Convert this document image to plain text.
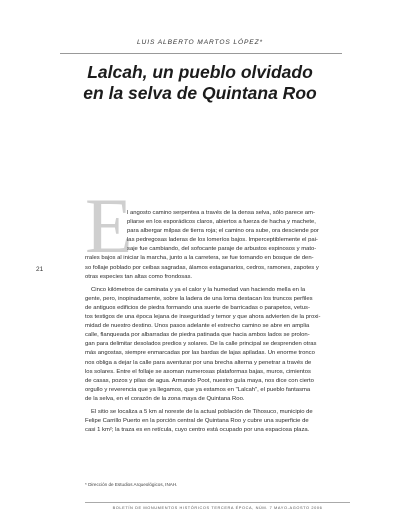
LUIS ALBERTO MARTOS LÓPEZ*
Lalcah, un pueblo olvidado
en la selva de Quintana Roo
21
E
l angosto camino serpentea a través de la densa selva, sólo parece am-
pliarse en los esporádicos claros, abiertos a fuerza de hacha y machete,
para albergar milpas de tierra roja; el camino ora sube, ora desciende por
las pedregosas laderas de los lomeríos bajos. Imperceptiblemente el pai-
saje fue cambiando, del sofocante paraje de arbustos espinosos y mato-
rrales bajos al iniciar la marcha, junto a la carretera, se fue tornando en bosque de den-
so follaje poblado por ceibas sagradas, álamos estaganarios, cedros, ramones, zapotes y
otras especies tan altas como frondosas.
Cinco kilómetros de caminata y ya el calor y la humedad van haciendo mella en la
gente, pero, inopinadamente, sobre la ladera de una loma destacan los truncos perfiles
de antiguos edificios de piedra formando una suerte de barricadas o parapetos, vetus-
tos testigos de una época lejana de inseguridad y temor y que ahora advierten de la proxi-
midad de nuestro destino. Unos pasos adelante el estrecho camino se abre en amplia
calle, flanqueada por albarradas de piedra patinada que hacia ambos lados se prolon-
gan para delimitar desolados predios y solares. De la calle principal se desprenden otras
más angostas, siempre enmarcadas por las bardas de lajas apiladas. Un enorme tronco
nos obliga a dejar la calle para aventurar por una brecha alterna y penetrar a través de
los solares. Entre el follaje se asoman numerosas plataformas bajas, muros, cimientos
de casas, pozos y pilas de agua. Armando Poot, nuestro guía maya, nos dice con cierto
orgullo y reverencia que ya llegamos, que ya estamos en "Lalcah", el pueblo fantasma
de la selva, en el corazón de la zona maya de Quintana Roo.
El sitio se localiza a 5 km al noreste de la actual población de Tihosuco, municipio de
Felipe Carrillo Puerto en la porción central de Quintana Roo y cubre una superficie de
casi 1 km²; la traza es en retícula, cuyo centro está ocupado por una espaciosa plaza.
* Dirección de Estudios Arqueológicos, INAH.
BOLETÍN DE MONUMENTOS HISTÓRICOS TERCERA ÉPOCA, NÚM. 7 MAYO-AGOSTO 2006
